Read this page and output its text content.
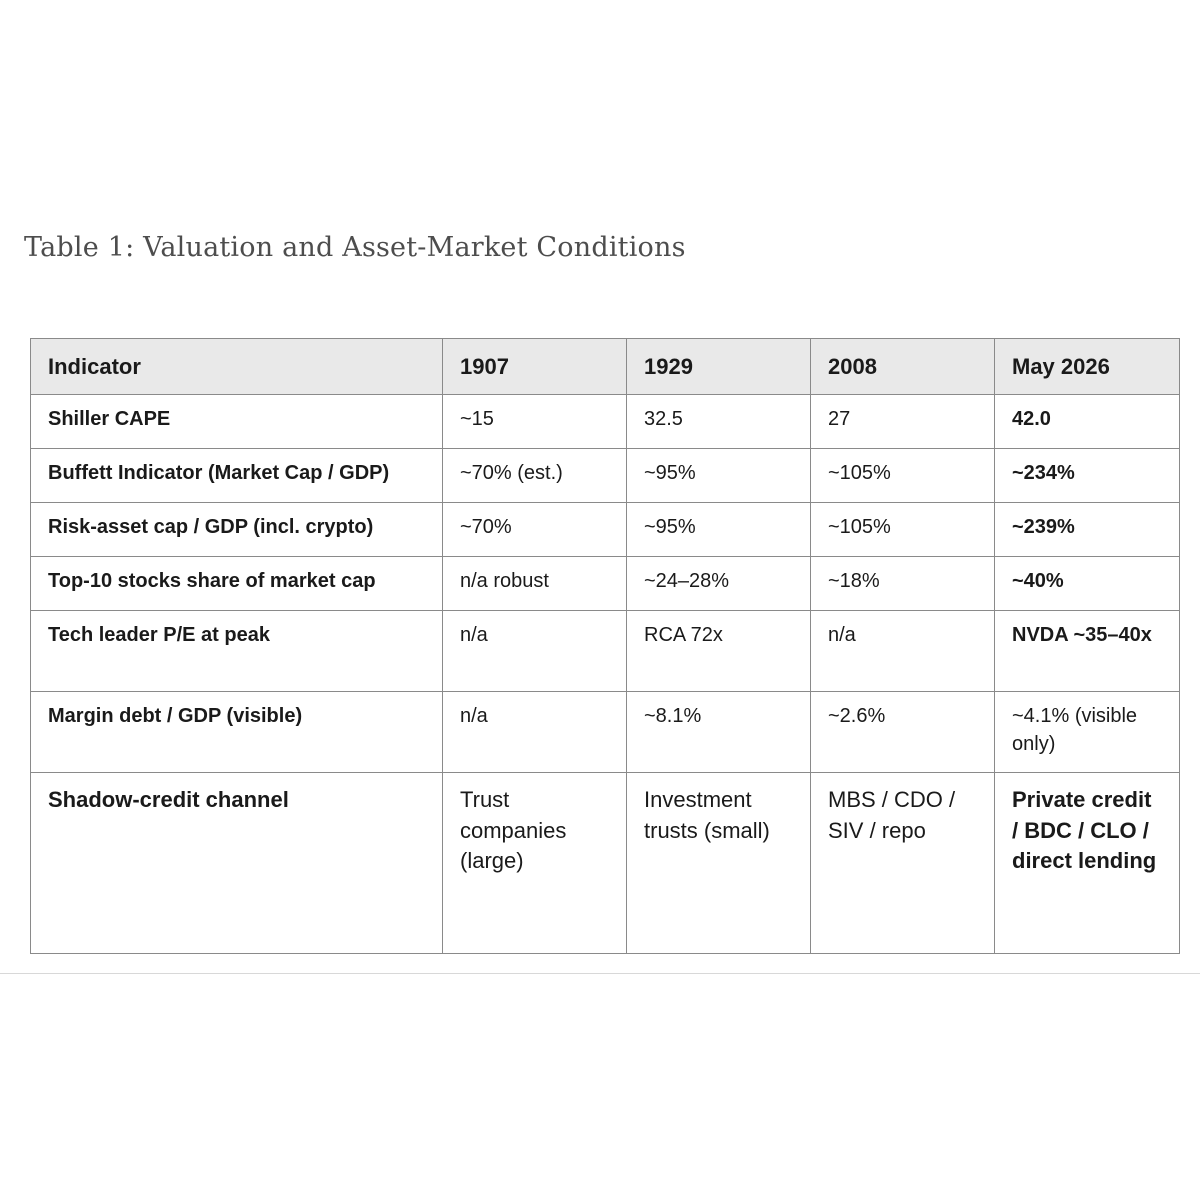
Table 1: Valuation and Asset-Market Conditions
Indicator	1907	1929	2008	May 2026
Shiller CAPE	~15	32.5	27	42.0
Buffett Indicator (Market Cap / GDP)	~70% (est.)	~95%	~105%	~234%
Risk-asset cap / GDP (incl. crypto)	~70%	~95%	~105%	~239%
Top-10 stocks share of market cap	n/a robust	~24–28%	~18%	~40%
Tech leader P/E at peak	n/a	RCA 72x	n/a	NVDA ~35–40x
Margin debt / GDP (visible)	n/a	~8.1%	~2.6%	~4.1% (visible only)
Shadow-credit channel	Trust companies (large)	Investment trusts (small)	MBS / CDO / SIV / repo	Private credit / BDC / CLO / direct lending
